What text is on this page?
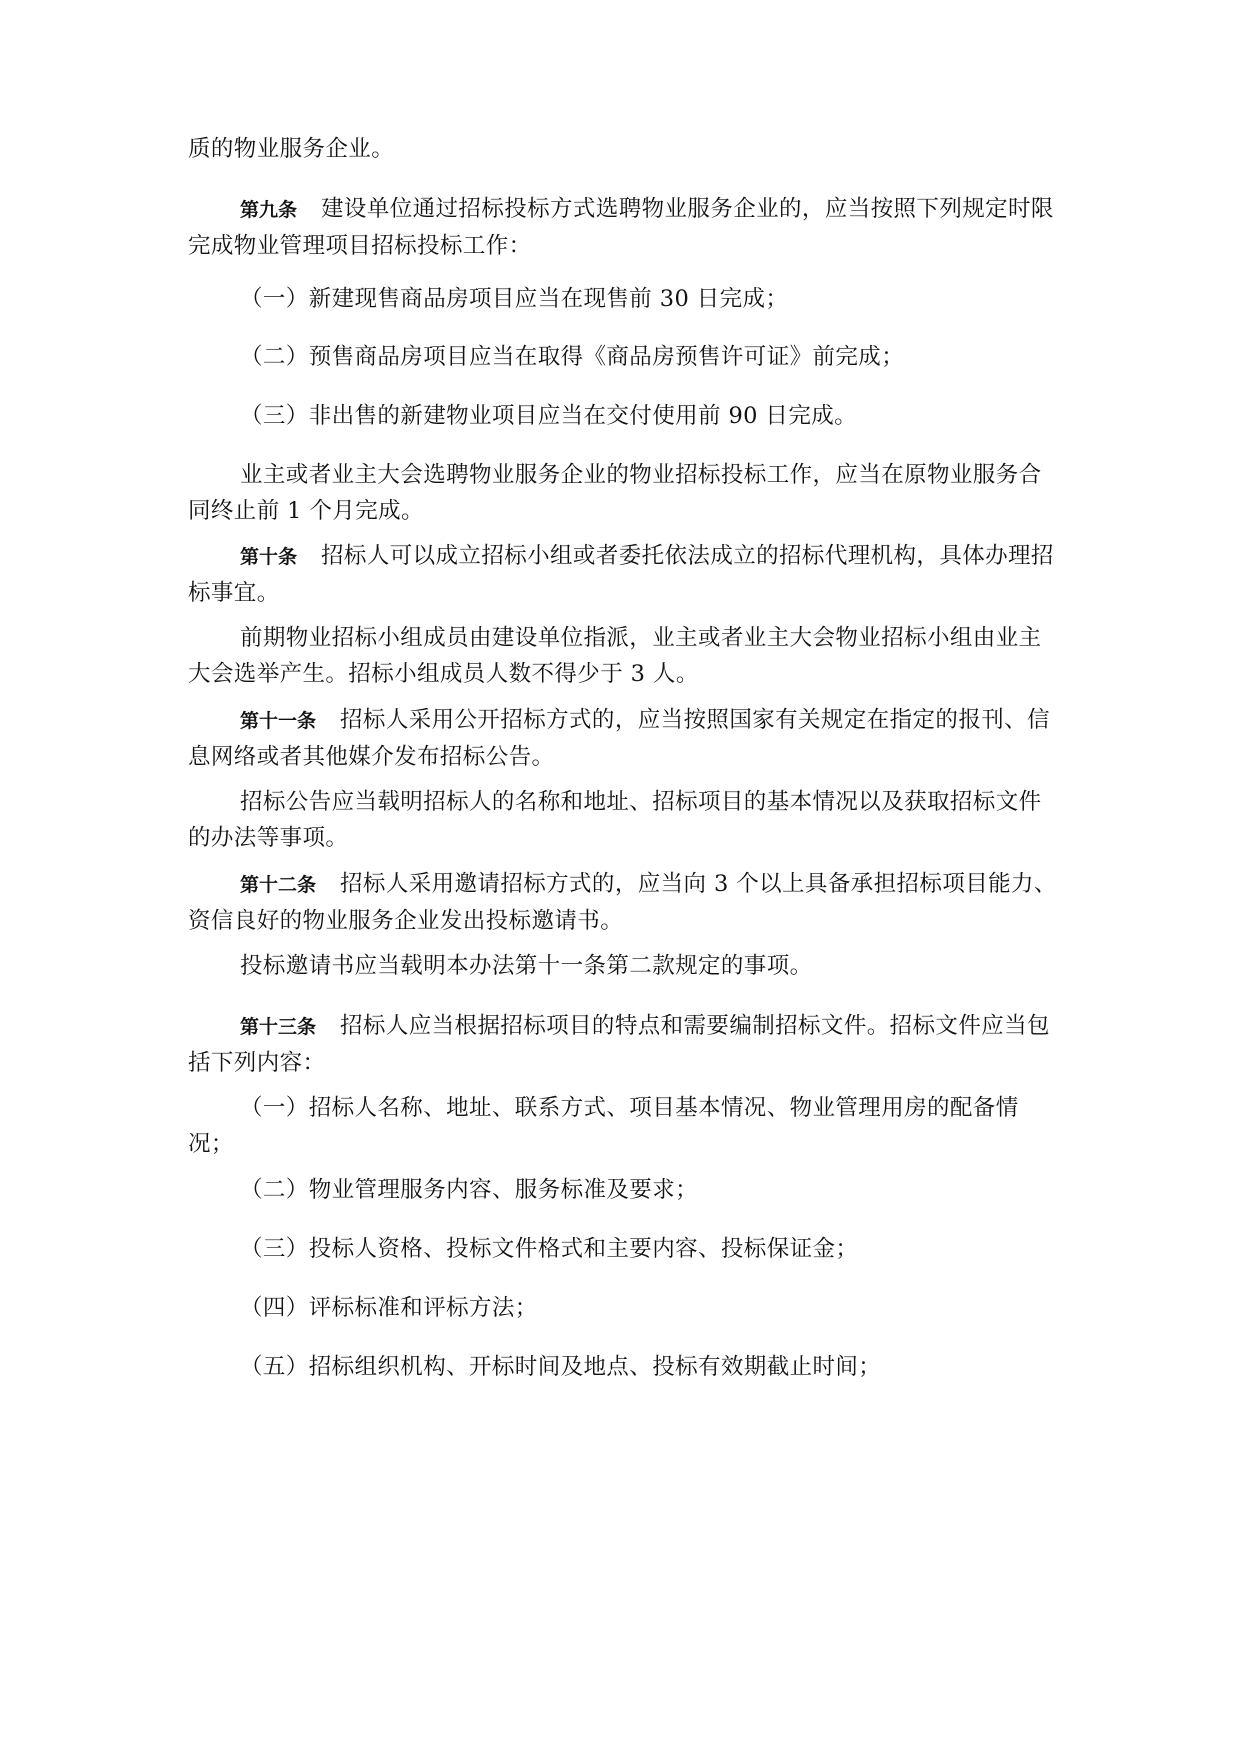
质的物业服务企业。

第九条 建设单位通过招标投标方式选聘物业服务企业的，应当按照下列规定时限完成物业管理项目招标投标工作：

（一）新建现售商品房项目应当在现售前 30 日完成；

（二）预售商品房项目应当在取得《商品房预售许可证》前完成；

（三）非出售的新建物业项目应当在交付使用前 90 日完成。

业主或者业主大会选聘物业服务企业的物业招标投标工作，应当在原物业服务合同终止前 1 个月完成。

第十条 招标人可以成立招标小组或者委托依法成立的招标代理机构，具体办理招标事宜。

前期物业招标小组成员由建设单位指派，业主或者业主大会物业招标小组由业主大会选举产生。招标小组成员人数不得少于 3 人。

第十一条 招标人采用公开招标方式的，应当按照国家有关规定在指定的报刊、信息网络或者其他媒介发布招标公告。

招标公告应当载明招标人的名称和地址、招标项目的基本情况以及获取招标文件的办法等事项。

第十二条 招标人采用邀请招标方式的，应当向 3 个以上具备承担招标项目能力、资信良好的物业服务企业发出投标邀请书。

投标邀请书应当载明本办法第十一条第二款规定的事项。

第十三条 招标人应当根据招标项目的特点和需要编制招标文件。招标文件应当包括下列内容：

（一）招标人名称、地址、联系方式、项目基本情况、物业管理用房的配备情况；

（二）物业管理服务内容、服务标准及要求；

（三）投标人资格、投标文件格式和主要内容、投标保证金；

（四）评标标准和评标方法；

（五）招标组织机构、开标时间及地点、投标有效期截止时间；
